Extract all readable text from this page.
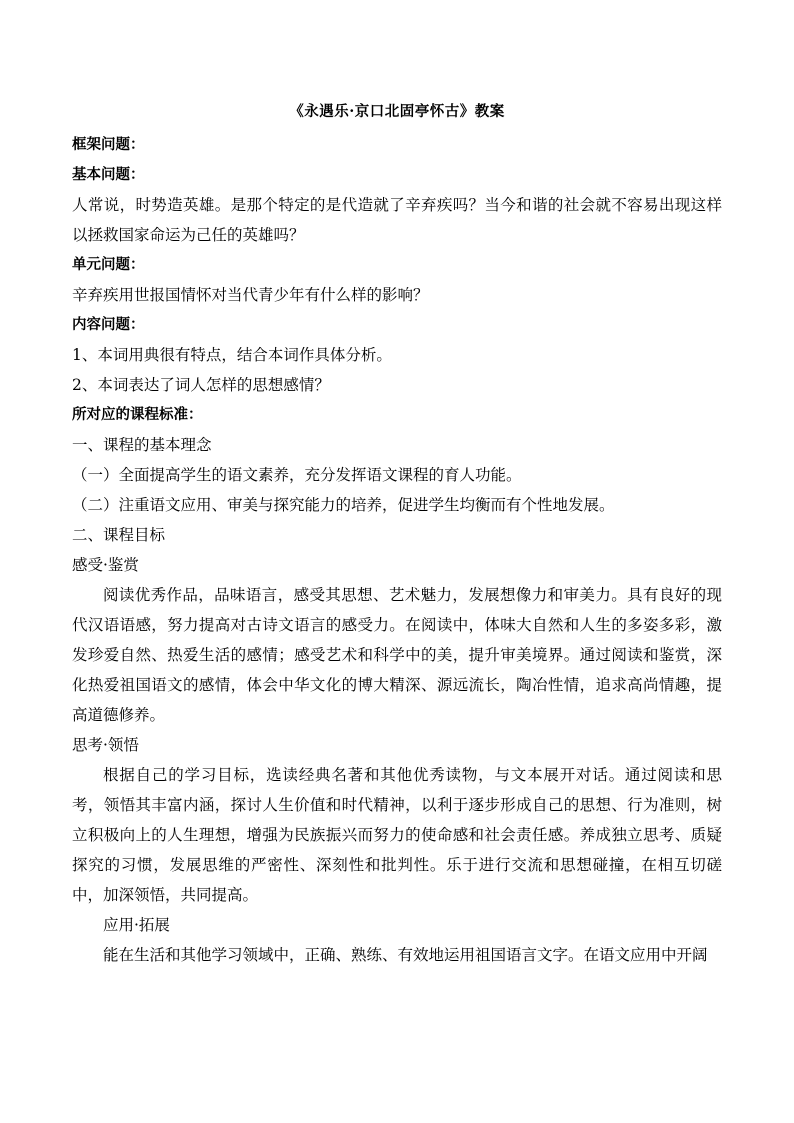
《永遇乐·京口北固亭怀古》教案
框架问题：
基本问题：
人常说，时势造英雄。是那个特定的是代造就了辛弃疾吗？当今和谐的社会就不容易出现这样以拯救国家命运为己任的英雄吗？
单元问题：
辛弃疾用世报国情怀对当代青少年有什么样的影响？
内容问题：
1、本词用典很有特点，结合本词作具体分析。
2、本词表达了词人怎样的思想感情？
所对应的课程标准：
一、课程的基本理念
（一）全面提高学生的语文素养，充分发挥语文课程的育人功能。
（二）注重语文应用、审美与探究能力的培养，促进学生均衡而有个性地发展。
二、课程目标
感受·鉴赏
阅读优秀作品，品味语言，感受其思想、艺术魅力，发展想像力和审美力。具有良好的现代汉语语感，努力提高对古诗文语言的感受力。在阅读中，体味大自然和人生的多姿多彩，激发珍爱自然、热爱生活的感情；感受艺术和科学中的美，提升审美境界。通过阅读和鉴赏，深化热爱祖国语文的感情，体会中华文化的博大精深、源远流长，陶冶性情，追求高尚情趣，提高道德修养。
思考·领悟
根据自己的学习目标，选读经典名著和其他优秀读物，与文本展开对话。通过阅读和思考，领悟其丰富内涵，探讨人生价值和时代精神，以利于逐步形成自己的思想、行为准则，树立积极向上的人生理想，增强为民族振兴而努力的使命感和社会责任感。养成独立思考、质疑探究的习惯，发展思维的严密性、深刻性和批判性。乐于进行交流和思想碰撞，在相互切磋中，加深领悟，共同提高。
应用·拓展
能在生活和其他学习领域中，正确、熟练、有效地运用祖国语言文字。在语文应用中开阔
